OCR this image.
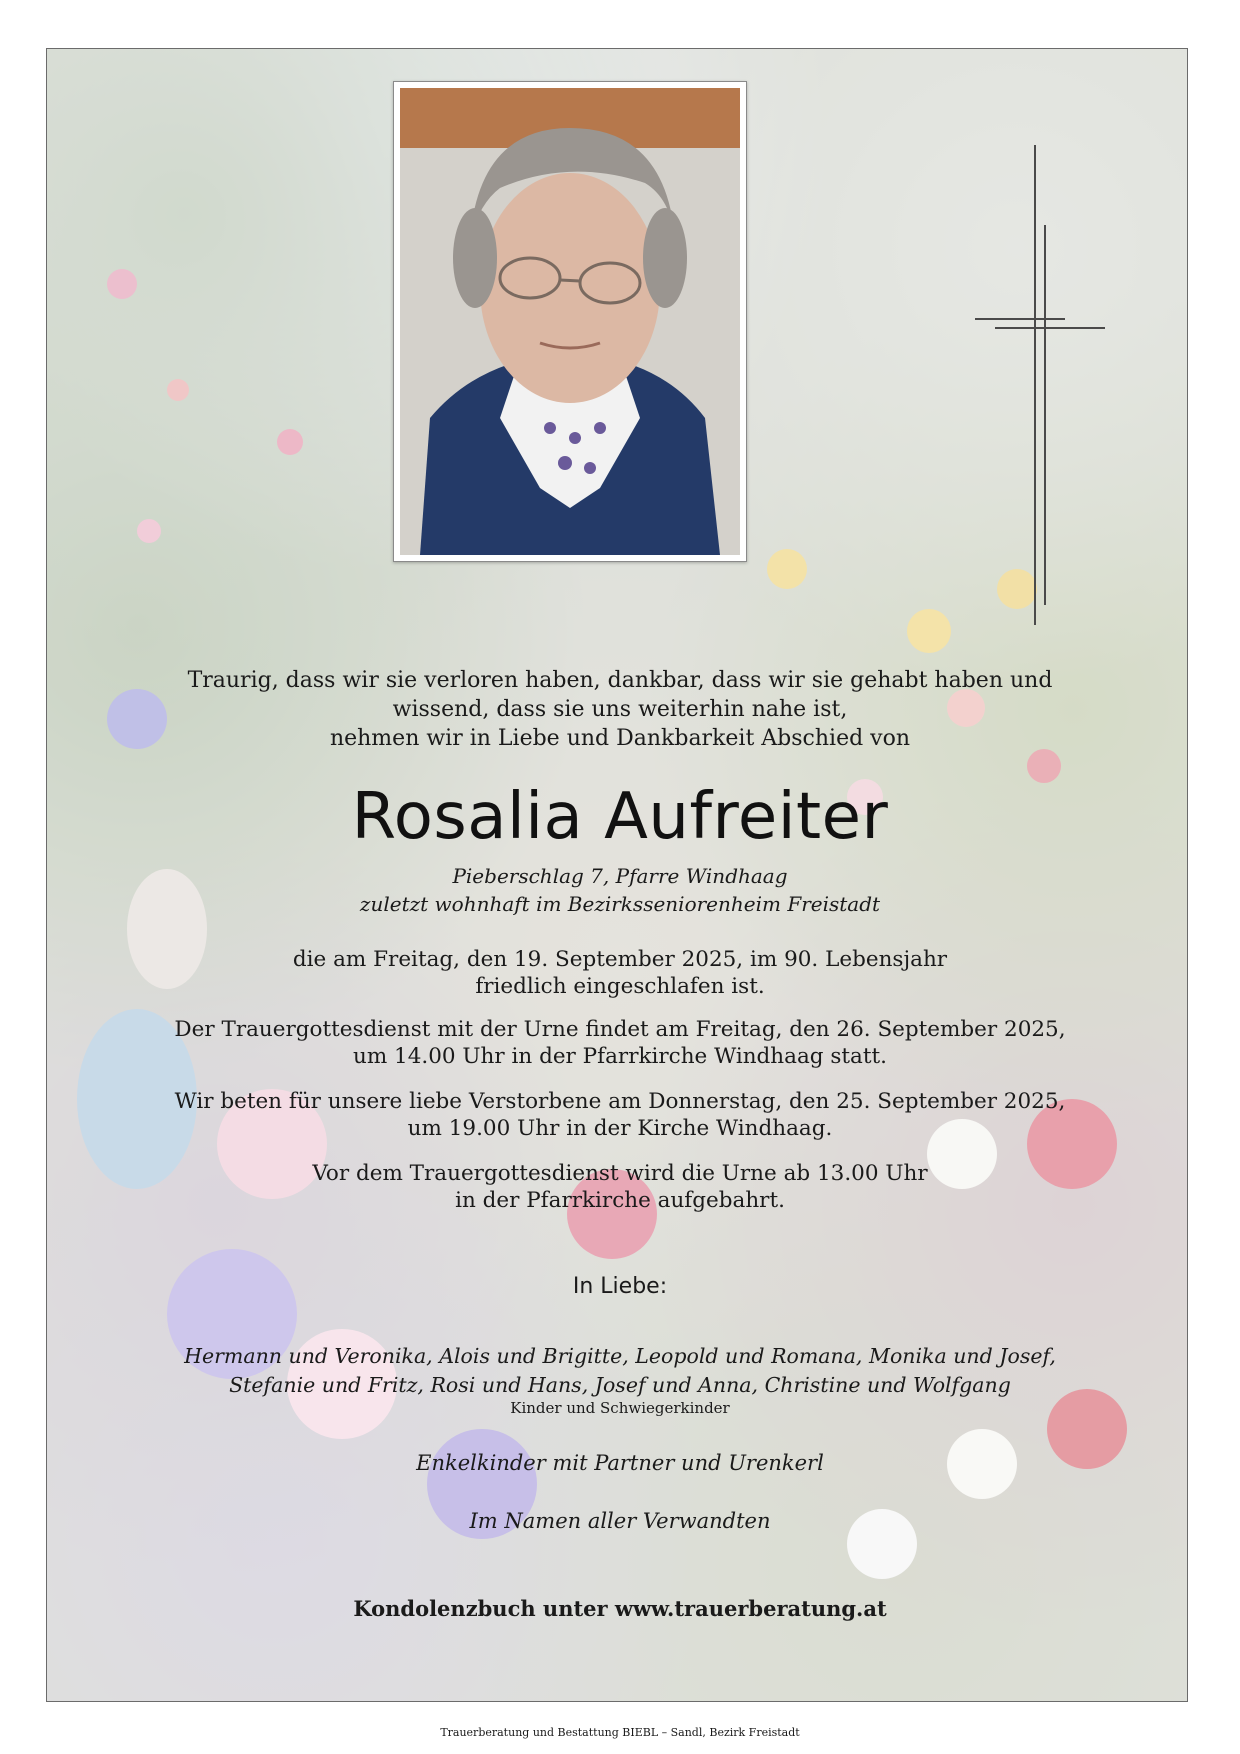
Traurig, dass wir sie verloren haben, dankbar, dass wir sie gehabt haben und
wissend, dass sie uns weiterhin nahe ist,
nehmen wir in Liebe und Dankbarkeit Abschied von
Rosalia Aufreiter
Pieberschlag 7, Pfarre Windhaag
zuletzt wohnhaft im Bezirksseniorenheim Freistadt
die am Freitag, den 19. September 2025, im 90. Lebensjahr
friedlich eingeschlafen ist.
Der Trauergottesdienst mit der Urne findet am Freitag, den 26. September 2025,
um 14.00 Uhr in der Pfarrkirche Windhaag statt.
Wir beten für unsere liebe Verstorbene am Donnerstag, den 25. September 2025,
um 19.00 Uhr in der Kirche Windhaag.
Vor dem Trauergottesdienst wird die Urne ab 13.00 Uhr
in der Pfarrkirche aufgebahrt.
In Liebe:
Hermann und Veronika, Alois und Brigitte, Leopold und Romana, Monika und Josef,
Stefanie und Fritz, Rosi und Hans, Josef und Anna, Christine und Wolfgang
Kinder und Schwiegerkinder
Enkelkinder mit Partner und Urenkerl
Im Namen aller Verwandten
Kondolenzbuch unter www.trauerberatung.at
Trauerberatung und Bestattung BIEBL – Sandl, Bezirk Freistadt
